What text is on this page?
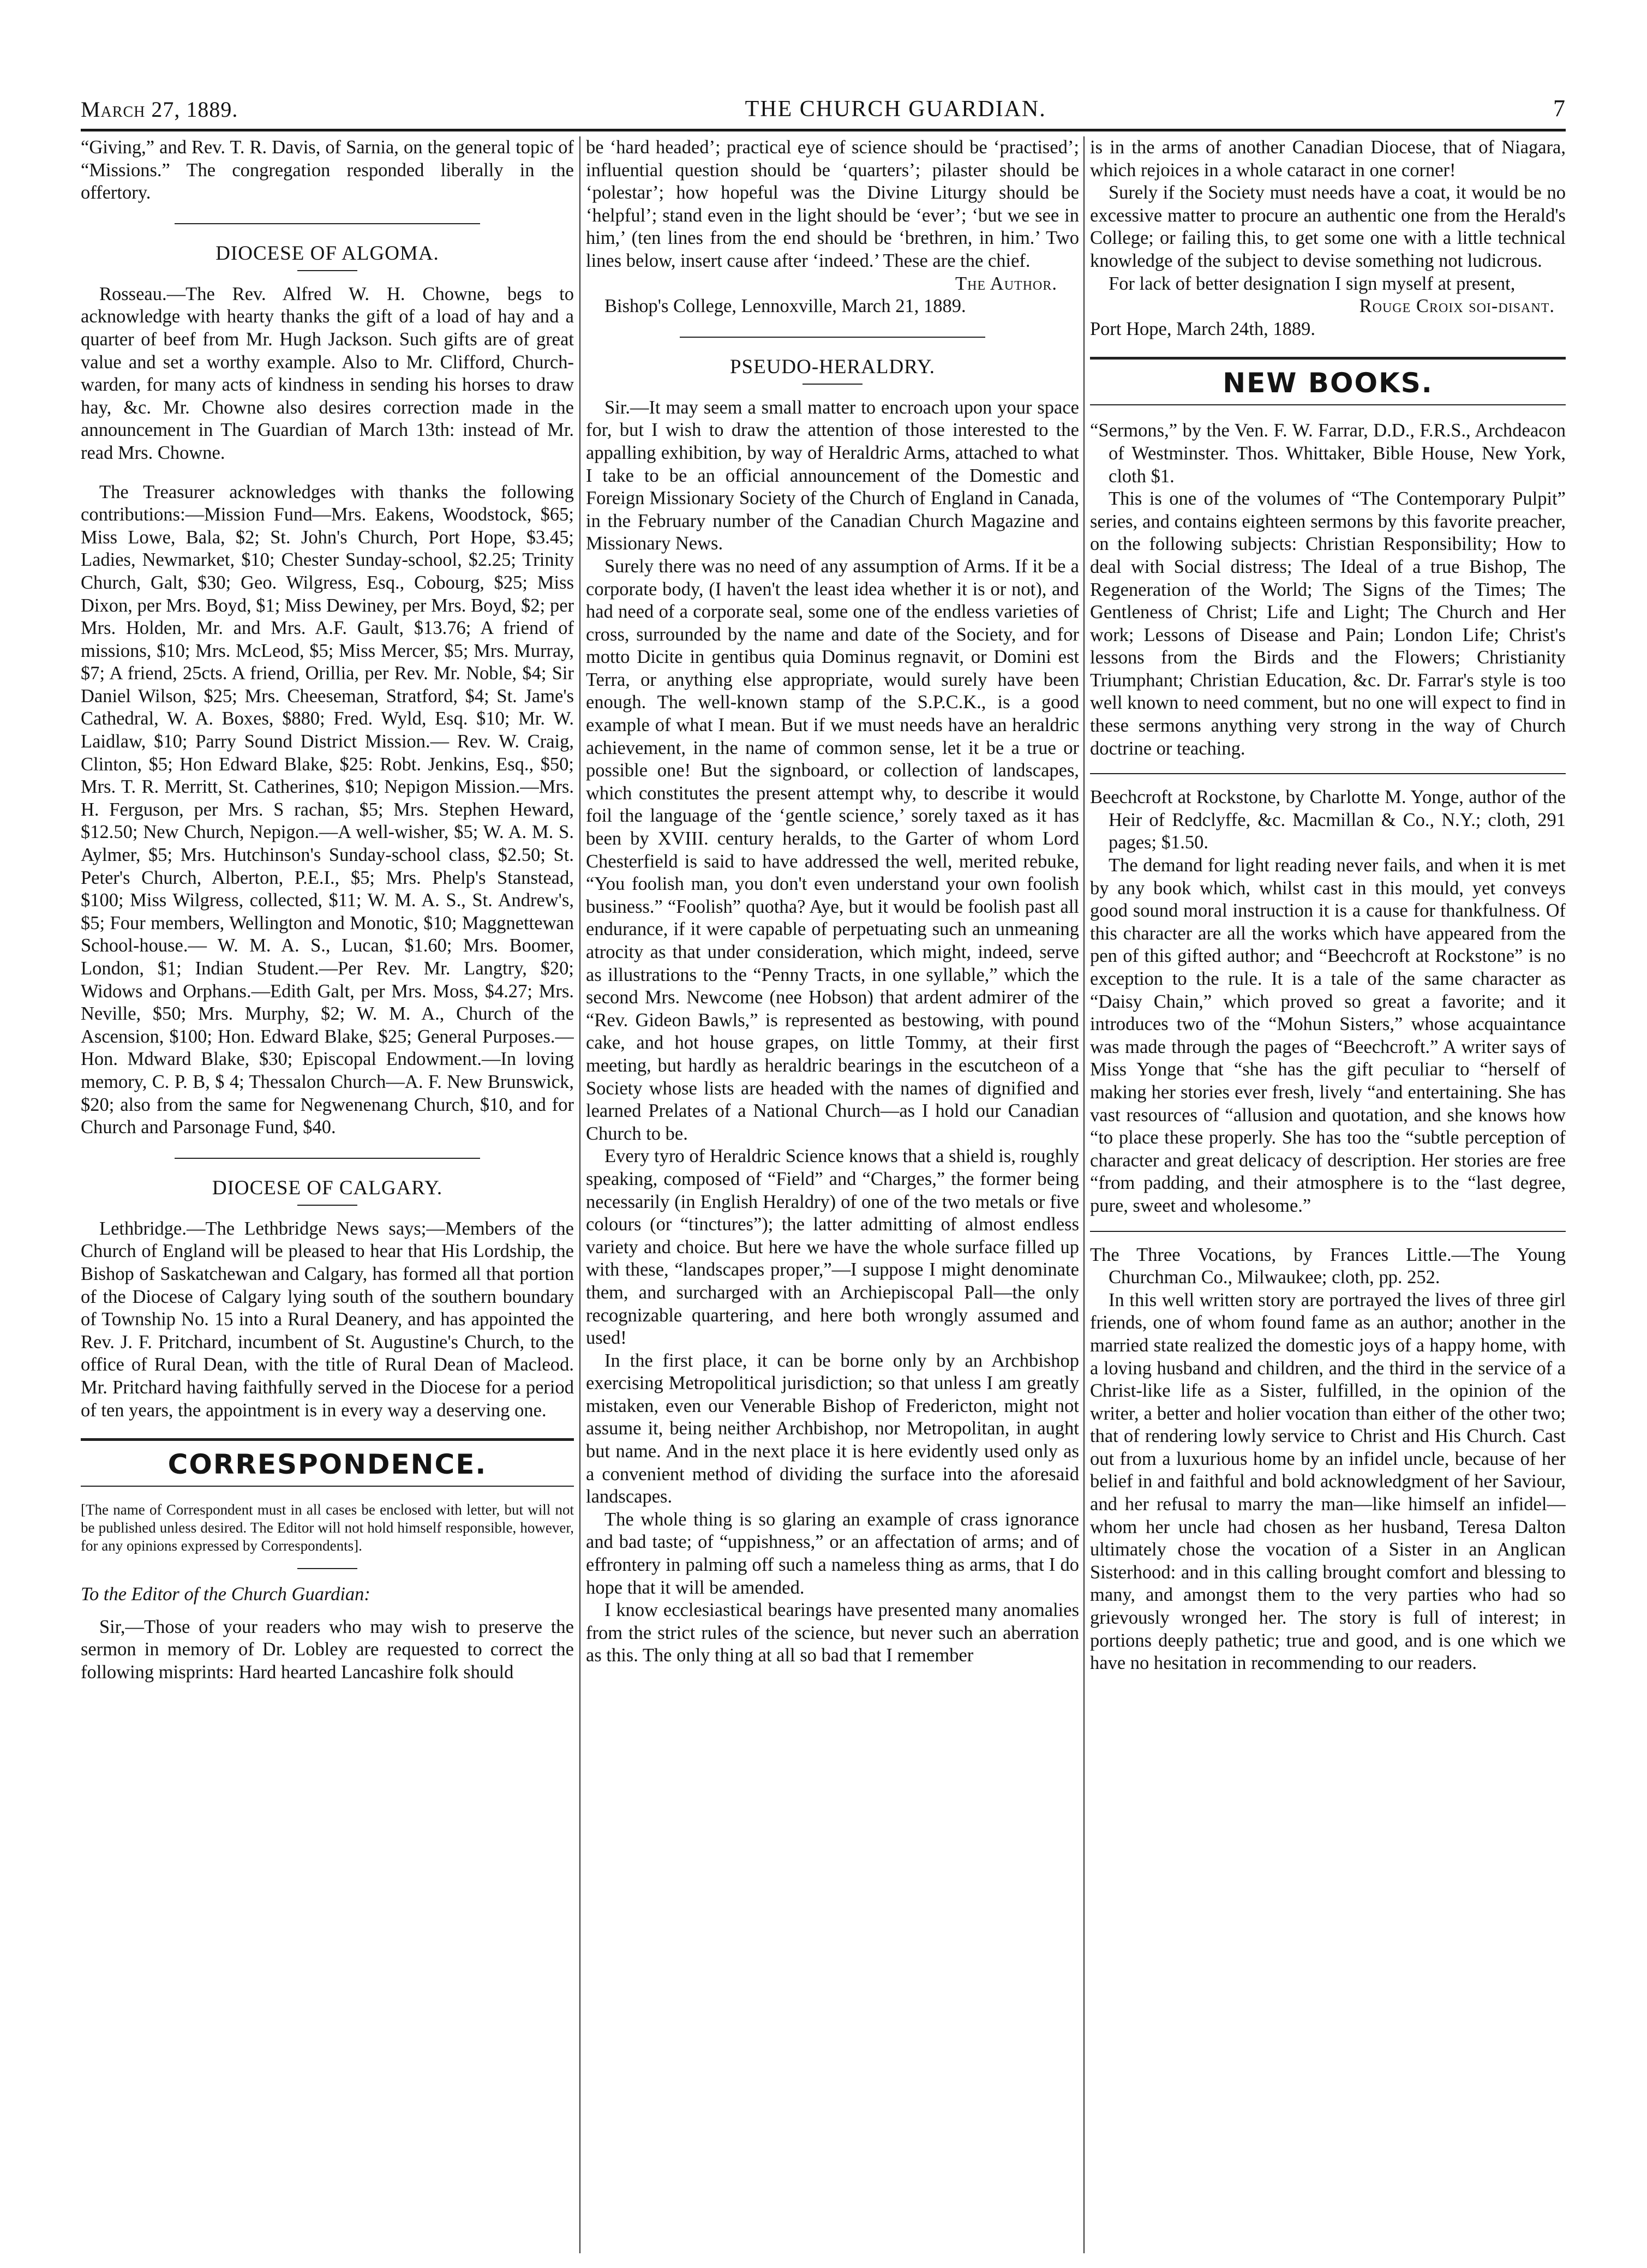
March 27, 1889.	THE CHURCH GUARDIAN.	7

“Giving,” and Rev. T. R. Davis, of Sarnia, on the general topic of “Missions.” The congregation responded liberally in the offertory.

DIOCESE OF ALGOMA.

Rosseau.—The Rev. Alfred W. H. Chowne, begs to acknowledge with hearty thanks the gift of a load of hay and a quarter of beef from Mr. Hugh Jackson. Such gifts are of great value and set a worthy example. Also to Mr. Clifford, Church-warden, for many acts of kindness in sending his horses to draw hay, &c. Mr. Chowne also desires correction made in the announcement in The Guardian of March 13th: instead of Mr. read Mrs. Chowne.

The Treasurer acknowledges with thanks the following contributions:—Mission Fund—Mrs. Eakens, Woodstock, $65; Miss Lowe, Bala, $2; St. John's Church, Port Hope, $3.45; Ladies, Newmarket, $10; Chester Sunday-school, $2.25; Trinity Church, Galt, $30; Geo. Wilgress, Esq., Cobourg, $25; Miss Dixon, per Mrs. Boyd, $1; Miss Dewiney, per Mrs. Boyd, $2; per Mrs. Holden, Mr. and Mrs. A.F. Gault, $13.76; A friend of missions, $10; Mrs. McLeod, $5; Miss Mercer, $5; Mrs. Murray, $7; A friend, 25cts. A friend, Orillia, per Rev. Mr. Noble, $4; Sir Daniel Wilson, $25; Mrs. Cheeseman, Stratford, $4; St. Jame's Cathedral, W. A. Boxes, $880; Fred. Wyld, Esq. $10; Mr. W. Laidlaw, $10; Parry Sound District Mission.— Rev. W. Craig, Clinton, $5; Hon Edward Blake, $25: Robt. Jenkins, Esq., $50; Mrs. T. R. Merritt, St. Catherines, $10; Nepigon Mission.—Mrs. H. Ferguson, per Mrs. S rachan, $5; Mrs. Stephen Heward, $12.50; New Church, Nepigon.—A well-wisher, $5; W. A. M. S. Aylmer, $5; Mrs. Hutchinson's Sunday-school class, $2.50; St. Peter's Church, Alberton, P.E.I., $5; Mrs. Phelp's Stanstead, $100; Miss Wilgress, collected, $11; W. M. A. S., St. Andrew's, $5; Four members, Wellington and Monotic, $10; Maggnettewan School-house.— W. M. A. S., Lucan, $1.60; Mrs. Boomer, London, $1; Indian Student.—Per Rev. Mr. Langtry, $20; Widows and Orphans.—Edith Galt, per Mrs. Moss, $4.27; Mrs. Neville, $50; Mrs. Murphy, $2; W. M. A., Church of the Ascension, $100; Hon. Edward Blake, $25; General Purposes.—Hon. Mdward Blake, $30; Episcopal Endowment.—In loving memory, C. P. B, $ 4; Thessalon Church—A. F. New Brunswick, $20; also from the same for Negwenenang Church, $10, and for Church and Parsonage Fund, $40.

DIOCESE OF CALGARY.

Lethbridge.—The Lethbridge News says;—Members of the Church of England will be pleased to hear that His Lordship, the Bishop of Saskatchewan and Calgary, has formed all that portion of the Diocese of Calgary lying south of the southern boundary of Township No. 15 into a Rural Deanery, and has appointed the Rev. J. F. Pritchard, incumbent of St. Augustine's Church, to the office of Rural Dean, with the title of Rural Dean of Macleod. Mr. Pritchard having faithfully served in the Diocese for a period of ten years, the appointment is in every way a deserving one.

CORRESPONDENCE.

[The name of Correspondent must in all cases be enclosed with letter, but will not be published unless desired. The Editor will not hold himself responsible, however, for any opinions expressed by Correspondents].

To the Editor of the Church Guardian:

Sir,—Those of your readers who may wish to preserve the sermon in memory of Dr. Lobley are requested to correct the following misprints: Hard hearted Lancashire folk should

be ‘hard headed’; practical eye of science should be ‘practised’; influential question should be ‘quarters’; pilaster should be ‘polestar’; how hopeful was the Divine Liturgy should be ‘helpful’; stand even in the light should be ‘ever’; ‘but we see in him,’ (ten lines from the end should be ‘brethren, in him.’ Two lines below, insert cause after ‘indeed.’ These are the chief.

The Author.

Bishop's College, Lennoxville, March 21, 1889.

PSEUDO-HERALDRY.

Sir.—It may seem a small matter to encroach upon your space for, but I wish to draw the attention of those interested to the appalling exhibition, by way of Heraldric Arms, attached to what I take to be an official announcement of the Domestic and Foreign Missionary Society of the Church of England in Canada, in the February number of the Canadian Church Magazine and Missionary News.

Surely there was no need of any assumption of Arms. If it be a corporate body, (I haven't the least idea whether it is or not), and had need of a corporate seal, some one of the endless varieties of cross, surrounded by the name and date of the Society, and for motto Dicite in gentibus quia Dominus regnavit, or Domini est Terra, or anything else appropriate, would surely have been enough. The well-known stamp of the S.P.C.K., is a good example of what I mean. But if we must needs have an heraldric achievement, in the name of common sense, let it be a true or possible one! But the signboard, or collection of landscapes, which constitutes the present attempt why, to describe it would foil the language of the ‘gentle science,’ sorely taxed as it has been by XVIII. century heralds, to the Garter of whom Lord Chesterfield is said to have addressed the well, merited rebuke, “You foolish man, you don't even understand your own foolish business.” “Foolish” quotha? Aye, but it would be foolish past all endurance, if it were capable of perpetuating such an unmeaning atrocity as that under consideration, which might, indeed, serve as illustrations to the “Penny Tracts, in one syllable,” which the second Mrs. Newcome (nee Hobson) that ardent admirer of the “Rev. Gideon Bawls,” is represented as bestowing, with pound cake, and hot house grapes, on little Tommy, at their first meeting, but hardly as heraldric bearings in the escutcheon of a Society whose lists are headed with the names of dignified and learned Prelates of a National Church—as I hold our Canadian Church to be.

Every tyro of Heraldric Science knows that a shield is, roughly speaking, composed of “Field” and “Charges,” the former being necessarily (in English Heraldry) of one of the two metals or five colours (or “tinctures”); the latter admitting of almost endless variety and choice. But here we have the whole surface filled up with these, “landscapes proper,”—I suppose I might denominate them, and surcharged with an Archiepiscopal Pall—the only recognizable quartering, and here both wrongly assumed and used!

In the first place, it can be borne only by an Archbishop exercising Metropolitical jurisdiction; so that unless I am greatly mistaken, even our Venerable Bishop of Fredericton, might not assume it, being neither Archbishop, nor Metropolitan, in aught but name. And in the next place it is here evidently used only as a convenient method of dividing the surface into the aforesaid landscapes.

The whole thing is so glaring an example of crass ignorance and bad taste; of “uppishness,” or an affectation of arms; and of effrontery in palming off such a nameless thing as arms, that I do hope that it will be amended.

I know ecclesiastical bearings have presented many anomalies from the strict rules of the science, but never such an aberration as this. The only thing at all so bad that I remember

is in the arms of another Canadian Diocese, that of Niagara, which rejoices in a whole cataract in one corner!

Surely if the Society must needs have a coat, it would be no excessive matter to procure an authentic one from the Herald's College; or failing this, to get some one with a little technical knowledge of the subject to devise something not ludicrous.

For lack of better designation I sign myself at present,

Rouge Croix soi-disant.

Port Hope, March 24th, 1889.

NEW BOOKS.

“Sermons,” by the Ven. F. W. Farrar, D.D., F.R.S., Archdeacon of Westminster. Thos. Whittaker, Bible House, New York, cloth $1.

This is one of the volumes of “The Contemporary Pulpit” series, and contains eighteen sermons by this favorite preacher, on the following subjects: Christian Responsibility; How to deal with Social distress; The Ideal of a true Bishop, The Regeneration of the World; The Signs of the Times; The Gentleness of Christ; Life and Light; The Church and Her work; Lessons of Disease and Pain; London Life; Christ's lessons from the Birds and the Flowers; Christianity Triumphant; Christian Education, &c. Dr. Farrar's style is too well known to need comment, but no one will expect to find in these sermons anything very strong in the way of Church doctrine or teaching.

Beechcroft at Rockstone, by Charlotte M. Yonge, author of the Heir of Redclyffe, &c. Macmillan & Co., N.Y.; cloth, 291 pages; $1.50.

The demand for light reading never fails, and when it is met by any book which, whilst cast in this mould, yet conveys good sound moral instruction it is a cause for thankfulness. Of this character are all the works which have appeared from the pen of this gifted author; and “Beechcroft at Rockstone” is no exception to the rule. It is a tale of the same character as “Daisy Chain,” which proved so great a favorite; and it introduces two of the “Mohun Sisters,” whose acquaintance was made through the pages of “Beechcroft.” A writer says of Miss Yonge that “she has the gift peculiar to “herself of making her stories ever fresh, lively “and entertaining. She has vast resources of “allusion and quotation, and she knows how “to place these properly. She has too the “subtle perception of character and great delicacy of description. Her stories are free “from padding, and their atmosphere is to the “last degree, pure, sweet and wholesome.”

The Three Vocations, by Frances Little.—The Young Churchman Co., Milwaukee; cloth, pp. 252.

In this well written story are portrayed the lives of three girl friends, one of whom found fame as an author; another in the married state realized the domestic joys of a happy home, with a loving husband and children, and the third in the service of a Christ-like life as a Sister, fulfilled, in the opinion of the writer, a better and holier vocation than either of the other two; that of rendering lowly service to Christ and His Church. Cast out from a luxurious home by an infidel uncle, because of her belief in and faithful and bold acknowledgment of her Saviour, and her refusal to marry the man—like himself an infidel—whom her uncle had chosen as her husband, Teresa Dalton ultimately chose the vocation of a Sister in an Anglican Sisterhood: and in this calling brought comfort and blessing to many, and amongst them to the very parties who had so grievously wronged her. The story is full of interest; in portions deeply pathetic; true and good, and is one which we have no hesitation in recommending to our readers.
